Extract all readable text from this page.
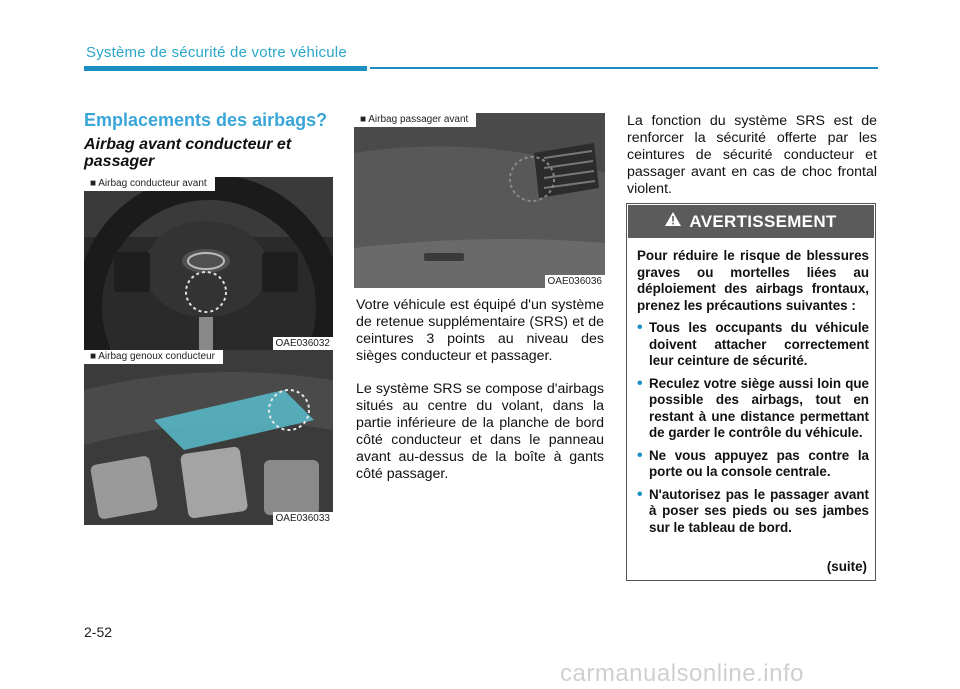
Système de sécurité de votre véhicule
Emplacements des airbags?
Airbag avant conducteur et passager
■ Airbag conducteur avant
OAE036032
■ Airbag genoux conducteur
OAE036033
■ Airbag passager avant
OAE036036

Votre véhicule est équipé d'un système de retenue supplémentaire (SRS) et de ceintures 3 points au niveau des sièges conducteur et passager.

Le système SRS se compose d'airbags situés au centre du volant, dans la partie inférieure de la planche de bord côté conducteur et dans le panneau avant au-dessus de la boîte à gants côté passager.

La fonction du système SRS est de renforcer la sécurité offerte par les ceintures de sécurité conducteur et passager avant en cas de choc frontal violent.

AVERTISSEMENT

Pour réduire le risque de blessures graves ou mortelles liées au déploiement des airbags frontaux, prenez les précautions suivantes :

• Tous les occupants du véhicule doivent attacher correctement leur ceinture de sécurité.
• Reculez votre siège aussi loin que possible des airbags, tout en restant à une distance permettant de garder le contrôle du véhicule.
• Ne vous appuyez pas contre la porte ou la console centrale.
• N'autorisez pas le passager avant à poser ses pieds ou ses jambes sur le tableau de bord.
(suite)
2-52
carmanualsonline.info
